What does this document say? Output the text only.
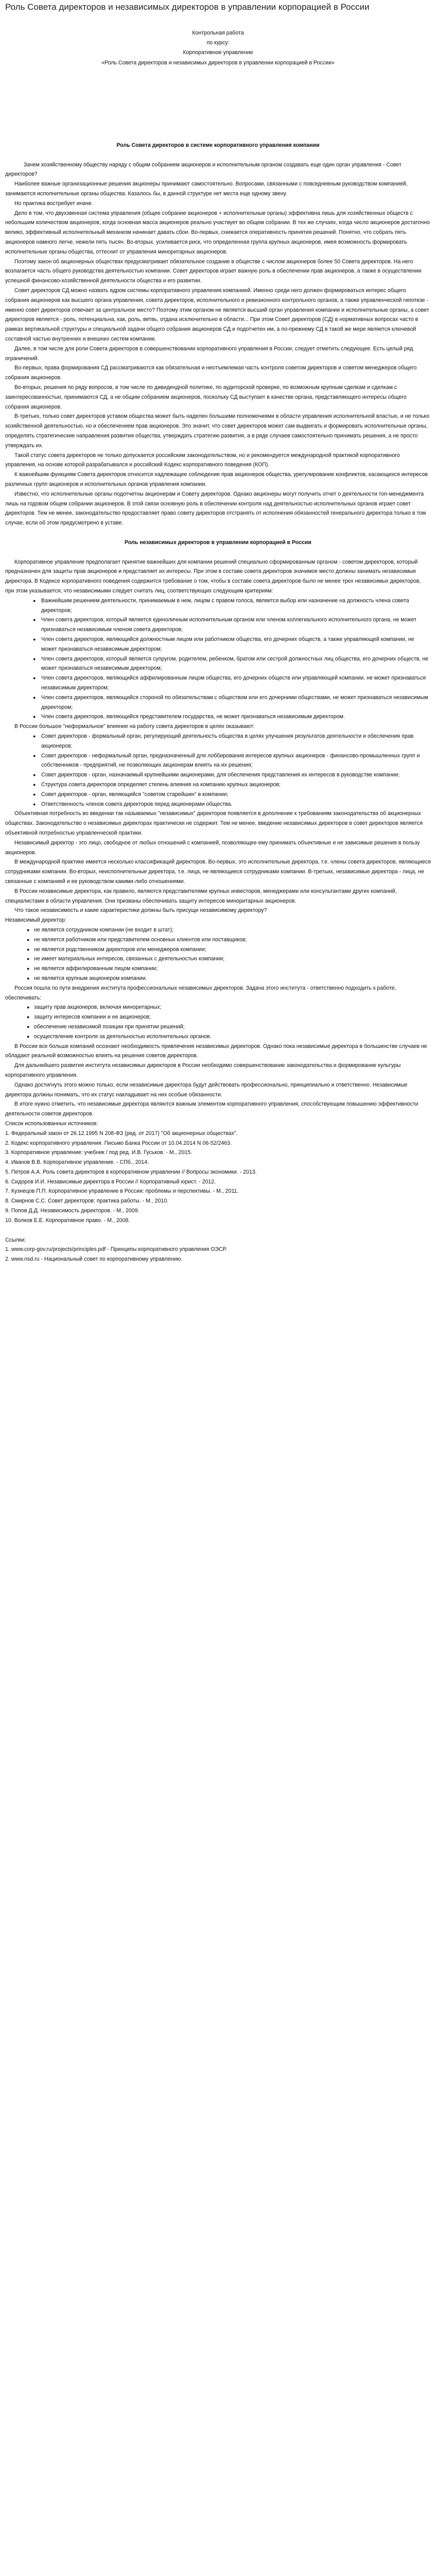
Роль Совета директоров и независимых директоров в управлении корпорацией в России
Контрольная работа
по курсу:
Корпоративное управление
«Роль Совета директоров и независимых директоров в управлении корпорацией в России»

Роль Совета директоров в системе корпоративного управления компании

Зачем хозяйственному обществу наряду с общим собранием акционеров и исполнительным органом создавать еще один орган управления - Совет директоров?

Наиболее важные организационные решения акционеры принимают самостоятельно. Вопросами, связанными с повседневным руководством компанией, занимаются исполнительные органы общества. Казалось бы, в данной структуре нет места еще одному звену.

Но практика востребует иначе.

Дело в том, что двухзвенная система управления (общее собрание акционеров + исполнительные органы) эффективна лишь для хозяйственных обществ с небольшим количеством акционеров, когда основная масса акционеров реально участвует во общем собрании. В тех же случаях, когда число акционеров достаточно велико, эффективный исполнительный механизм начинает давать сбои. Во-первых, снижается оперативность принятия решений. Понятно, что собрать пять акционеров намного легче, нежели пять тысяч. Во-вторых, усиливается риск, что определенная группа крупных акционеров, имея возможность формировать исполнительные органы общества, оттеснит от управления миноритарных акционеров.

Поэтому закон об акционерных обществах предусматривает обязательное создание в обществе с числом акционеров более 50 Совета директоров. На него возлагается часть общего руководства деятельностью компании. Совет директоров играет важную роль в обеспечении прав акционеров, а также в осуществлении успешной финансово-хозяйственной деятельности общества и его развитии.

Совет директоров СД можно назвать ядром системы корпоративного управления компанией. Именно среди него должен формироваться интерес общего собрания акционеров как высшего органа управления, совета директоров, исполнительного и ревизионного контрольного органов, а также управленческой гипотезе - именно совет директоров отвечает за центральное место? Поэтому этим органом не является высший орган управления компании и исполнительные органы, а совет директоров является - роль, потенциальна, как, роль, ветвь, отдана исключительно в области... При этом Совет директоров (СД) в нормативных вопросах часто в рамках вертикальной структуры и специальной задачи общего собрания акционеров СД и подотчетен им, а по-прежнему СД в такой же мере является ключевой составной частью внутренних и внешних систем компании.

Далее, в том числе для роли Совета директоров в совершенствовании корпоративного управления в России, следует отметить следующее. Есть целый ряд ограничений.

Во-первых, права формирования СД рассматриваются как обязательная и неотъемлемая часть контроля советом директоров и советом менеджеров общего собрания акционеров.

Во-вторых, решения по ряду вопросов, в том числе по дивидендной политике, по аудиторской проверке, по возможным крупным сделкам и сделкам с заинтересованностью, принимаются СД, а не общим собранием акционеров, поскольку СД выступает в качестве органа, представляющего интересы общего собрания акционеров.

В-третьих, только совет директоров уставом общества может быть наделен большими полномочиями в области управления исполнительной властью, и не только хозяйственной деятельностью, но и обеспечением прав акционеров. Это значит, что совет директоров может сам выдвигать и формировать исполнительные органы, определять стратегические направления развития общества, утверждать стратегию развития, а в ряде случаев самостоятельно принимать решения, а не просто утверждать их.

Такой статус совета директоров не только допускается российским законодательством, но и рекомендуется международной практикой корпоративного управления, на основе которой разрабатывался и российский Кодекс корпоративного поведения (КОП).

К важнейшим функциям Совета директоров относится надлежащее соблюдение прав акционеров общества, урегулирование конфликтов, касающихся интересов различных групп акционеров и исполнительных органов управления компании.

Известно, что исполнительные органы подотчетны акционерам и Совету директоров. Однако акционеры могут получить отчет о деятельности топ-менеджмента лишь на годовом общем собрании акционеров. В этой связи основную роль в обеспечении контроля над деятельностью исполнительных органов играет совет директоров. Тем не менее, законодательство предоставляет право совету директоров отстранять от исполнения обязанностей генерального директора только в том случае, если об этом предусмотрено в уставе.

Роль независимых директоров в управлении корпорацией в России

Корпоративное управление предполагает принятие важнейших для компании решений специально сформированным органом - советом директоров, который предназначен для защиты прав акционеров и представляет их интересы. При этом в составе совета директоров значимое место должны занимать независимые директора. В Кодексе корпоративного поведения содержится требование о том, чтобы в составе совета директоров было не менее трех независимых директоров, при этом указывается, что независимыми следует считать лиц, соответствующих следующим критериям:

● Важнейшим решением деятельности, принимаемым в нем, лицом с правом голоса, является выбор или назначение на должность члена совета директоров;
● Член совета директоров, который является единоличным исполнительным органом или членом коллегиального исполнительного органа, не может признаваться независимым членом совета директоров;
● Член совета директоров, являющийся должностным лицом или работником общества, его дочерних обществ, а также управляющей компании, не может признаваться независимым директором;
● Член совета директоров, который является супругом, родителем, ребенком, братом или сестрой должностных лиц общества, его дочерних обществ, не может признаваться независимым директором;
● Член совета директоров, являющийся аффилированным лицом общества, его дочерних обществ или управляющей компании, не может признаваться независимым директором;
● Член совета директоров, являющийся стороной по обязательствам с обществом или его дочерними обществами, не может признаваться независимым директором;
● Член совета директоров, являющийся представителем государства, не может признаваться независимым директором.

В России большое "неформальное" влияние на работу совета директоров в целях оказывают:

● Совет директоров - формальный орган, регулирующий деятельность общества в целях улучшения результатов деятельности и обеспечения прав акционеров;
● Совет директоров - неформальный орган, предназначенный для лоббирования интересов крупных акционеров - финансово-промышленных групп и собственников - предприятий, не позволяющих акционерам влиять на их решения;
● Совет директоров - орган, назначаемый крупнейшими акционерами, для обеспечения представления их интересов в руководстве компании;
● Структура совета директоров определяет степень влияния на компанию крупных акционеров;
● Совет директоров - орган, являющийся "советом старейшин" в компании;
● Ответственность членов совета директоров перед акционерами общества.

Объективная потребность во введении так называемых "независимых" директоров появляется в дополнение к требованиям законодательства об акционерных обществах. Законодательство о независимых директорах практически не содержит. Тем не менее, введение независимых директоров в совет директоров является объективной потребностью управленческой практики.

Независимый директор - это лицо, свободное от любых отношений с компанией, позволяющее ему принимать объективные и не зависимые решения в пользу акционеров.

В международной практике имеется несколько классификаций директоров. Во-первых, это исполнительные директора, т.е. члены совета директоров, являющиеся сотрудниками компании. Во-вторых, неисполнительные директора, т.е. лица, не являющиеся сотрудниками компании. В-третьих, независимые директора - лица, не связанные с компанией и ее руководством какими-либо отношениями.

В России независимые директора, как правило, являются представителями крупных инвесторов, менеджерами или консультантами других компаний, специалистами в области управления. Они призваны обеспечивать защиту интересов миноритарных акционеров.

Что такое независимость и какие характеристики должны быть присущи независимому директору?

Независимый директор:

● не является сотрудником компании (не входит в штат);
● не является работником или представителем основных клиентов или поставщиков;
● не является родственником директоров или менеджеров компании;
● не имеет материальных интересов, связанных с деятельностью компании;
● не является аффилированным лицом компании;
● не является крупным акционером компании.

Россия пошла по пути внедрения института профессиональных независимых директоров. Задача этого института - ответственно подходить к работе, обеспечивать:

● защиту прав акционеров, включая миноритарных;
● защиту интересов компании и ее акционеров;
● обеспечение независимой позиции при принятии решений;
● осуществление контроля за деятельностью исполнительных органов.

В России все больше компаний осознают необходимость привлечения независимых директоров. Однако пока независимые директора в большинстве случаев не обладают реальной возможностью влиять на решения советов директоров.

Для дальнейшего развития института независимых директоров в России необходимо совершенствование законодательства и формирование культуры корпоративного управления.

Однако достигнуть этого можно только, если независимые директора будут действовать профессионально, принципиально и ответственно. Независимые директора должны понимать, что их статус накладывает на них особые обязанности.

В итоге нужно отметить, что независимые директора являются важным элементом корпоративного управления, способствующим повышению эффективности деятельности советов директоров.

Список использованных источников:

1. Федеральный закон от 26.12.1995 N 208-ФЗ (ред. от 2017) "Об акционерных обществах".

2. Кодекс корпоративного управления. Письмо Банка России от 10.04.2014 N 06-52/2463.

3. Корпоративное управление: учебник / под ред. И.В. Гуськов. - М., 2015.

4. Иванов В.В. Корпоративное управление. - СПб., 2014.

5. Петров А.А. Роль совета директоров в корпоративном управлении // Вопросы экономики. - 2013.

6. Сидоров И.И. Независимые директора в России // Корпоративный юрист. - 2012.

7. Кузнецов П.П. Корпоративное управление в России: проблемы и перспективы. - М., 2011.

8. Смирнов С.С. Совет директоров: практика работы. - М., 2010.

9. Попов Д.Д. Независимость директоров. - М., 2009.

10. Волков Е.Е. Корпоративное право. - М., 2008.

Ссылки:

1. www.corp-gov.ru/projects/principles.pdf - Принципы корпоративного управления ОЭСР.

2. www.nsd.ru - Национальный совет по корпоративному управлению.
